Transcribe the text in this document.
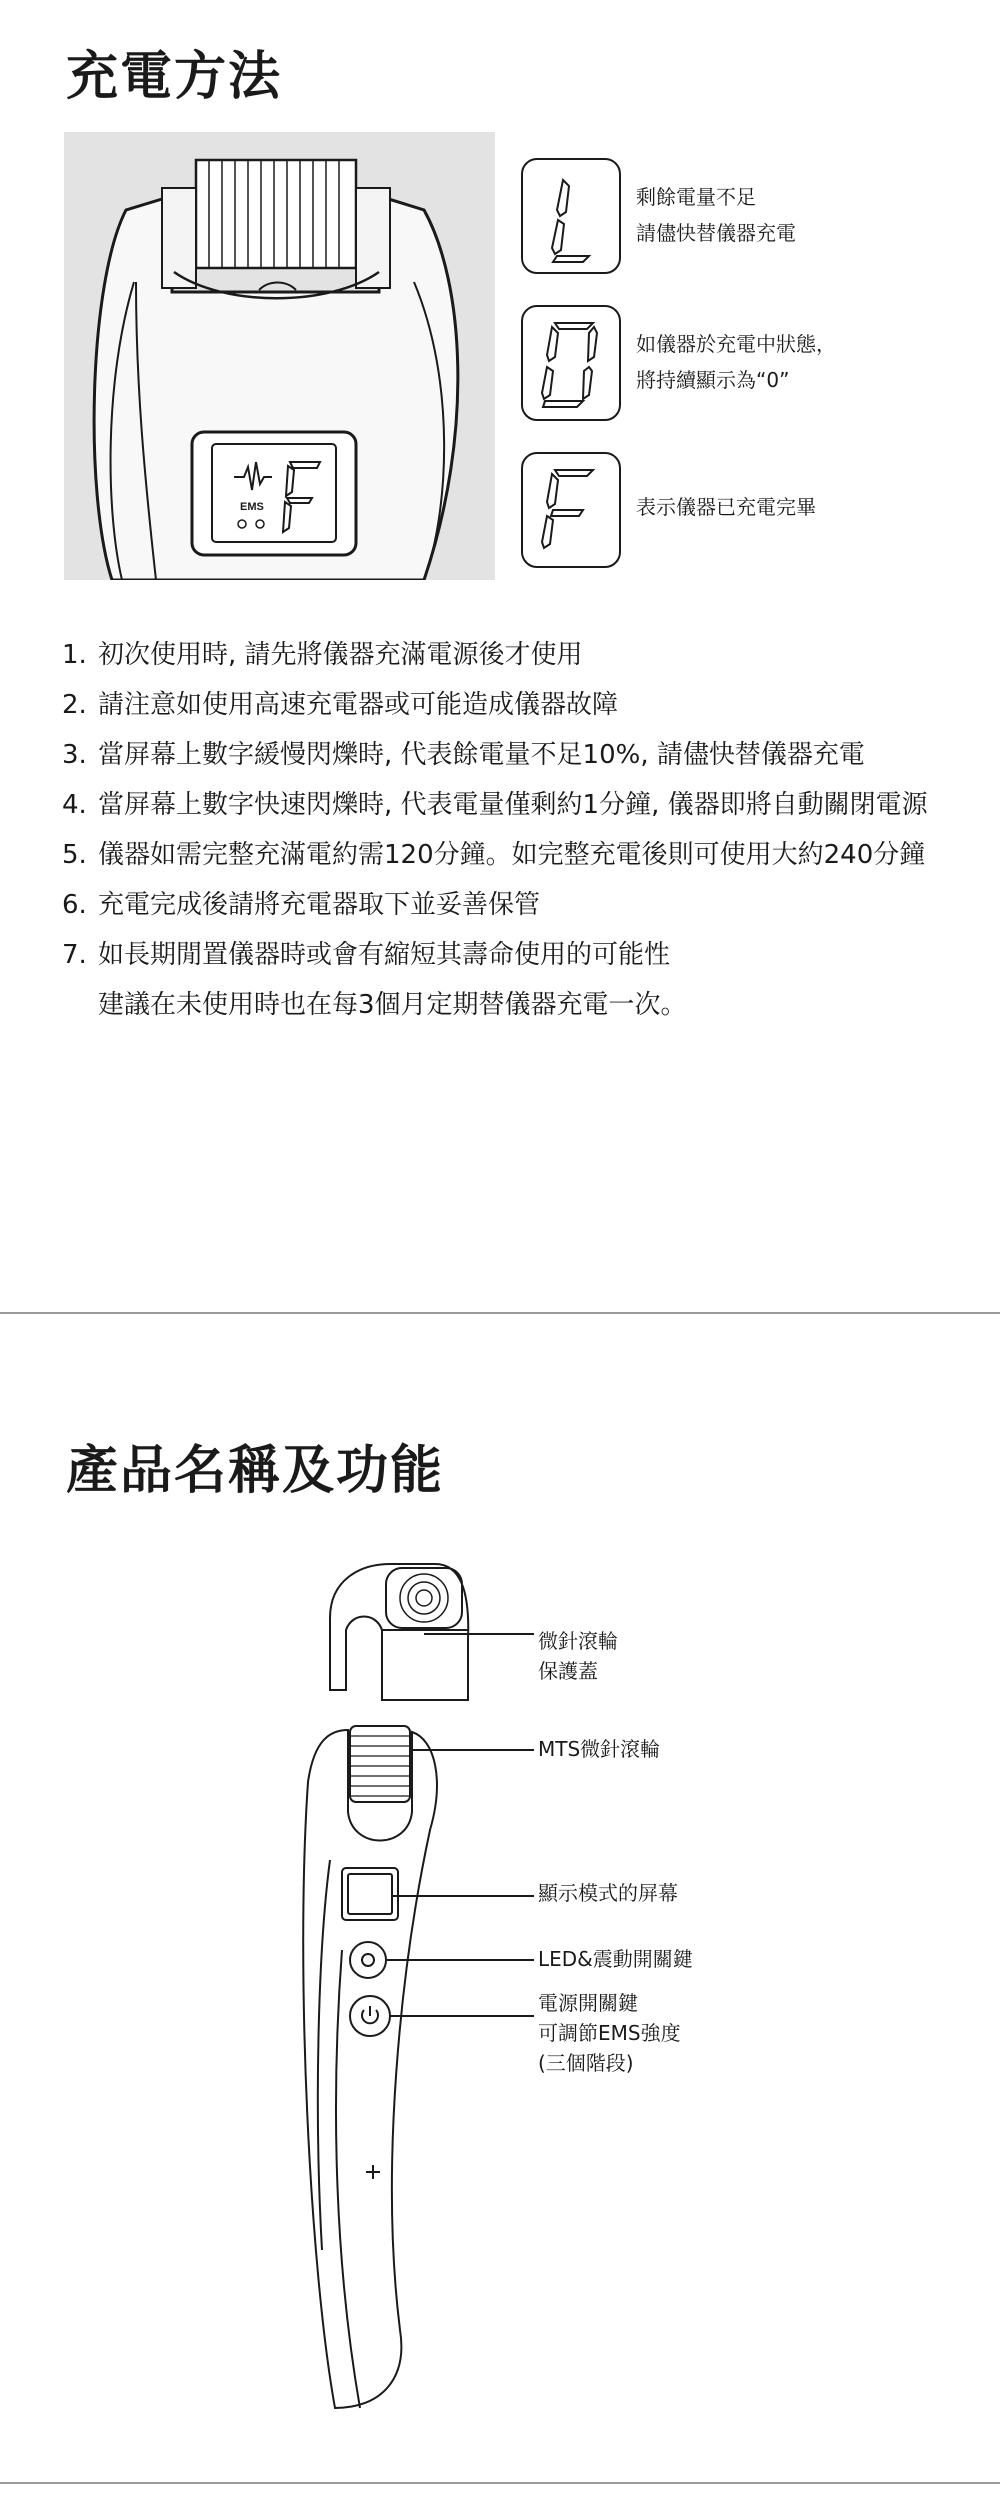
充電方法
EMS
剩餘電量不足
請儘快替儀器充電
如儀器於充電中狀態，
將持續顯示為“0”
表示儀器已充電完畢
1. 初次使用時, 請先將儀器充滿電源後才使用
2. 請注意如使用高速充電器或可能造成儀器故障
3. 當屏幕上數字緩慢閃爍時, 代表餘電量不足10%, 請儘快替儀器充電
4. 當屏幕上數字快速閃爍時, 代表電量僅剩約1分鐘, 儀器即將自動關閉電源
5. 儀器如需完整充滿電約需120分鐘。如完整充電後則可使用大約240分鐘
6. 充電完成後請將充電器取下並妥善保管
7. 如長期閒置儀器時或會有縮短其壽命使用的可能性
建議在未使用時也在每3個月定期替儀器充電一次。
產品名稱及功能
微針滾輪
保護蓋
MTS微針滾輪
顯示模式的屏幕
LED&震動開關鍵
電源開關鍵
可調節EMS強度
(三個階段)
